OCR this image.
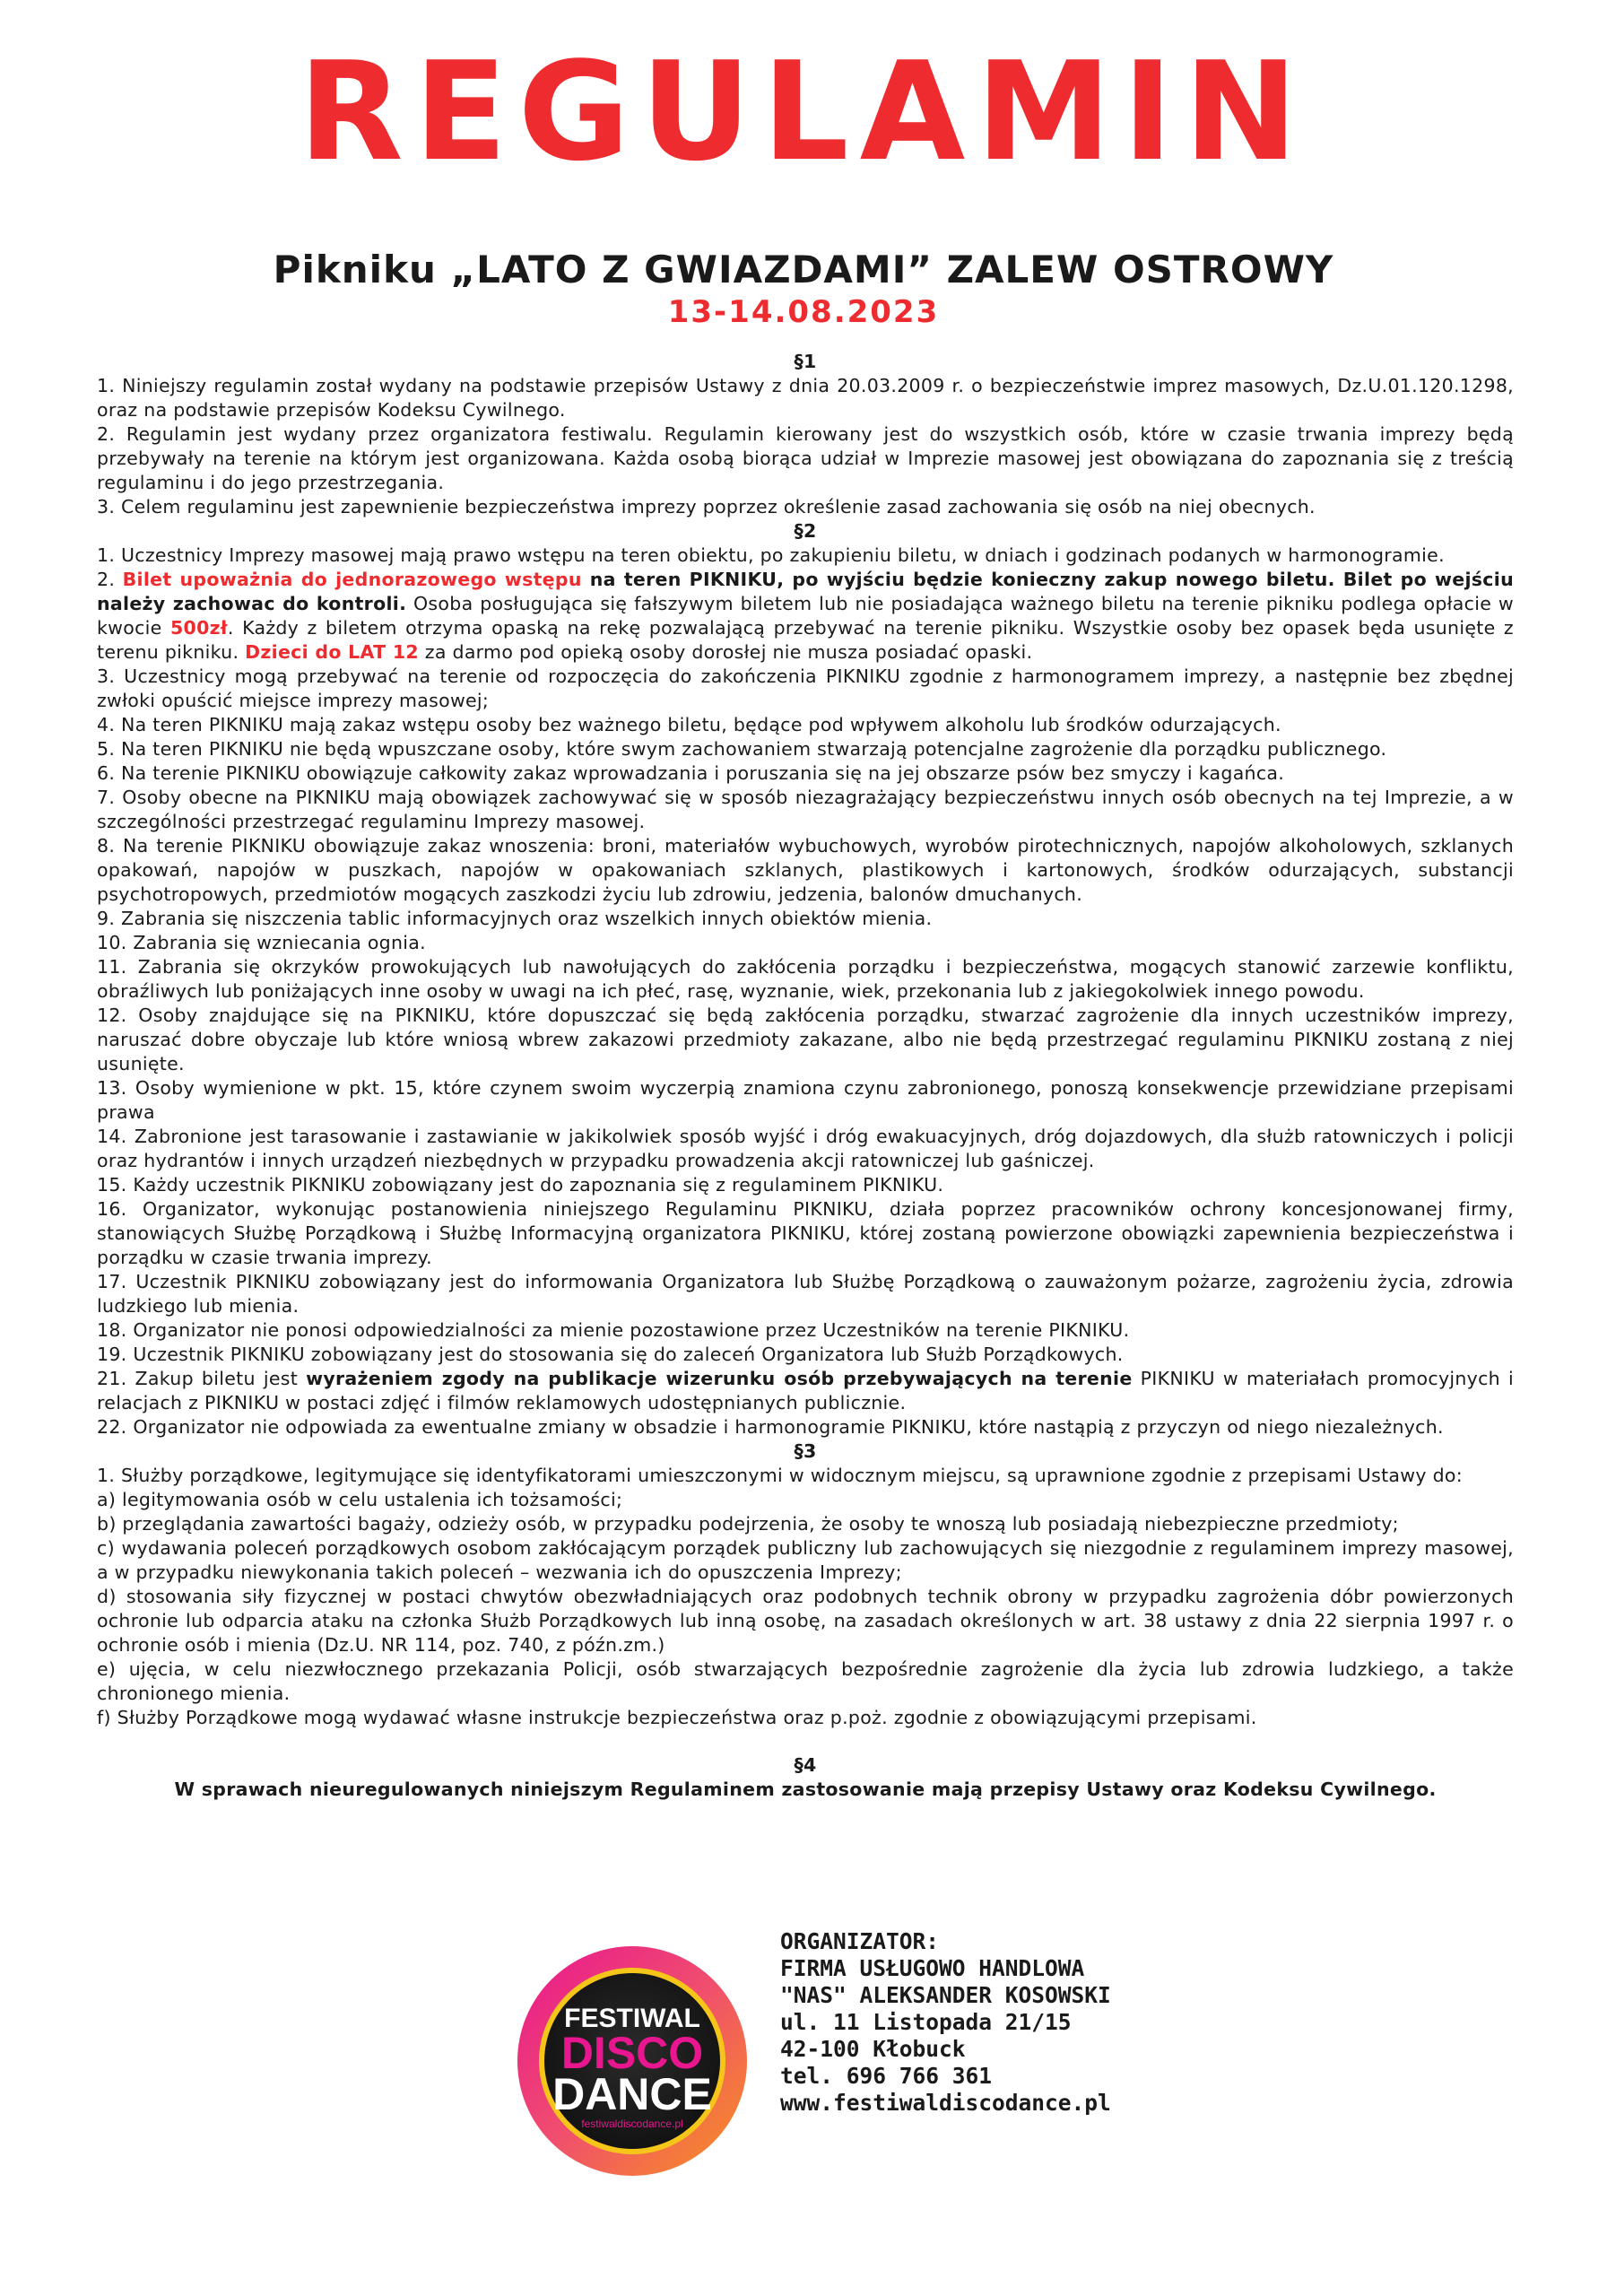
REGULAMIN
Pikniku „LATO Z GWIAZDAMI” ZALEW OSTROWY
13-14.08.2023

§1

1. Niniejszy regulamin został wydany na podstawie przepisów Ustawy z dnia 20.03.2009 r. o bezpieczeństwie imprez masowych, Dz.U.01.120.1298, oraz na podstawie przepisów Kodeksu Cywilnego.

2. Regulamin jest wydany przez organizatora festiwalu. Regulamin kierowany jest do wszystkich osób, które w czasie trwania imprezy będą przebywały na terenie na którym jest organizowana. Każda osobą biorąca udział w Imprezie masowej jest obowiązana do zapoznania się z treścią regulaminu i do jego przestrzegania.

3. Celem regulaminu jest zapewnienie bezpieczeństwa imprezy poprzez określenie zasad zachowania się osób na niej obecnych.

§2

1. Uczestnicy Imprezy masowej mają prawo wstępu na teren obiektu, po zakupieniu biletu, w dniach i godzinach podanych w harmonogramie.

2. Bilet upoważnia do jednorazowego wstępu na teren PIKNIKU, po wyjściu będzie konieczny zakup nowego biletu. Bilet po wejściu należy zachowac do kontroli. Osoba posługująca się fałszywym biletem lub nie posiadająca ważnego biletu na terenie pikniku podlega opłacie w kwocie 500zł. Każdy z biletem otrzyma opaską na rekę pozwalającą przebywać na terenie pikniku. Wszystkie osoby bez opasek będa usunięte z terenu pikniku. Dzieci do LAT 12 za darmo pod opieką osoby dorosłej nie musza posiadać opaski.

3. Uczestnicy mogą przebywać na terenie od rozpoczęcia do zakończenia PIKNIKU zgodnie z harmonogramem imprezy, a następnie bez zbędnej zwłoki opuścić miejsce imprezy masowej;

4. Na teren PIKNIKU mają zakaz wstępu osoby bez ważnego biletu, będące pod wpływem alkoholu lub środków odurzających.

5. Na teren PIKNIKU nie będą wpuszczane osoby, które swym zachowaniem stwarzają potencjalne zagrożenie dla porządku publicznego.

6. Na terenie PIKNIKU obowiązuje całkowity zakaz wprowadzania i poruszania się na jej obszarze psów bez smyczy i kagańca.

7. Osoby obecne na PIKNIKU mają obowiązek zachowywać się w sposób niezagrażający bezpieczeństwu innych osób obecnych na tej Imprezie, a w szczególności przestrzegać regulaminu Imprezy masowej.

8. Na terenie PIKNIKU obowiązuje zakaz wnoszenia: broni, materiałów wybuchowych, wyrobów pirotechnicznych, napojów alkoholowych, szklanych opakowań, napojów w puszkach, napojów w opakowaniach szklanych, plastikowych i kartonowych, środków odurzających, substancji psychotropowych, przedmiotów mogących zaszkodzi życiu lub zdrowiu, jedzenia, balonów dmuchanych.

9. Zabrania się niszczenia tablic informacyjnych oraz wszelkich innych obiektów mienia.

10. Zabrania się wzniecania ognia.

11. Zabrania się okrzyków prowokujących lub nawołujących do zakłócenia porządku i bezpieczeństwa, mogących stanowić zarzewie konfliktu, obraźliwych lub poniżających inne osoby w uwagi na ich płeć, rasę, wyznanie, wiek, przekonania lub z jakiegokolwiek innego powodu.

12. Osoby znajdujące się na PIKNIKU, które dopuszczać się będą zakłócenia porządku, stwarzać zagrożenie dla innych uczestników imprezy, naruszać dobre obyczaje lub które wniosą wbrew zakazowi przedmioty zakazane, albo nie będą przestrzegać regulaminu PIKNIKU zostaną z niej usunięte.

13. Osoby wymienione w pkt. 15, które czynem swoim wyczerpią znamiona czynu zabronionego, ponoszą konsekwencje przewidziane przepisami prawa

14. Zabronione jest tarasowanie i zastawianie w jakikolwiek sposób wyjść i dróg ewakuacyjnych, dróg dojazdowych, dla służb ratowniczych i policji oraz hydrantów i innych urządzeń niezbędnych w przypadku prowadzenia akcji ratowniczej lub gaśniczej.

15. Każdy uczestnik PIKNIKU zobowiązany jest do zapoznania się z regulaminem PIKNIKU.

16. Organizator, wykonując postanowienia niniejszego Regulaminu PIKNIKU, działa poprzez pracowników ochrony koncesjonowanej firmy, stanowiących Służbę Porządkową i Służbę Informacyjną organizatora PIKNIKU, której zostaną powierzone obowiązki zapewnienia bezpieczeństwa i porządku w czasie trwania imprezy.

17. Uczestnik PIKNIKU zobowiązany jest do informowania Organizatora lub Służbę Porządkową o zauważonym pożarze, zagrożeniu życia, zdrowia ludzkiego lub mienia.

18. Organizator nie ponosi odpowiedzialności za mienie pozostawione przez Uczestników na terenie PIKNIKU.

19. Uczestnik PIKNIKU zobowiązany jest do stosowania się do zaleceń Organizatora lub Służb Porządkowych.

21. Zakup biletu jest wyrażeniem zgody na publikacje wizerunku osób przebywających na terenie PIKNIKU w materiałach promocyjnych i relacjach z PIKNIKU w postaci zdjęć i filmów reklamowych udostępnianych publicznie.

22. Organizator nie odpowiada za ewentualne zmiany w obsadzie i harmonogramie PIKNIKU, które nastąpią z przyczyn od niego niezależnych.

§3

1. Służby porządkowe, legitymujące się identyfikatorami umieszczonymi w widocznym miejscu, są uprawnione zgodnie z przepisami Ustawy do:

a) legitymowania osób w celu ustalenia ich tożsamości;

b) przeglądania zawartości bagaży, odzieży osób, w przypadku podejrzenia, że osoby te wnoszą lub posiadają niebezpieczne przedmioty;

c) wydawania poleceń porządkowych osobom zakłócającym porządek publiczny lub zachowujących się niezgodnie z regulaminem imprezy masowej, a w przypadku niewykonania takich poleceń – wezwania ich do opuszczenia Imprezy;

d) stosowania siły fizycznej w postaci chwytów obezwładniających oraz podobnych technik obrony w przypadku zagrożenia dóbr powierzonych ochronie lub odparcia ataku na członka Służb Porządkowych lub inną osobę, na zasadach określonych w art. 38 ustawy z dnia 22 sierpnia 1997 r. o ochronie osób i mienia (Dz.U. NR 114, poz. 740, z późn.zm.)

e) ujęcia, w celu niezwłocznego przekazania Policji, osób stwarzających bezpośrednie zagrożenie dla życia lub zdrowia ludzkiego, a także chronionego mienia.

f) Służby Porządkowe mogą wydawać własne instrukcje bezpieczeństwa oraz p.poż. zgodnie z obowiązującymi przepisami.

§4

W sprawach nieuregulowanych niniejszym Regulaminem zastosowanie mają przepisy Ustawy oraz Kodeksu Cywilnego.

FESTIWAL
DISCO
DANCE
festiwaldiscodance.pl
ORGANIZATOR:
FIRMA USŁUGOWO HANDLOWA
"NAS" ALEKSANDER KOSOWSKI
ul. 11 Listopada 21/15
42-100 Kłobuck
tel. 696 766 361
www.festiwaldiscodance.pl
